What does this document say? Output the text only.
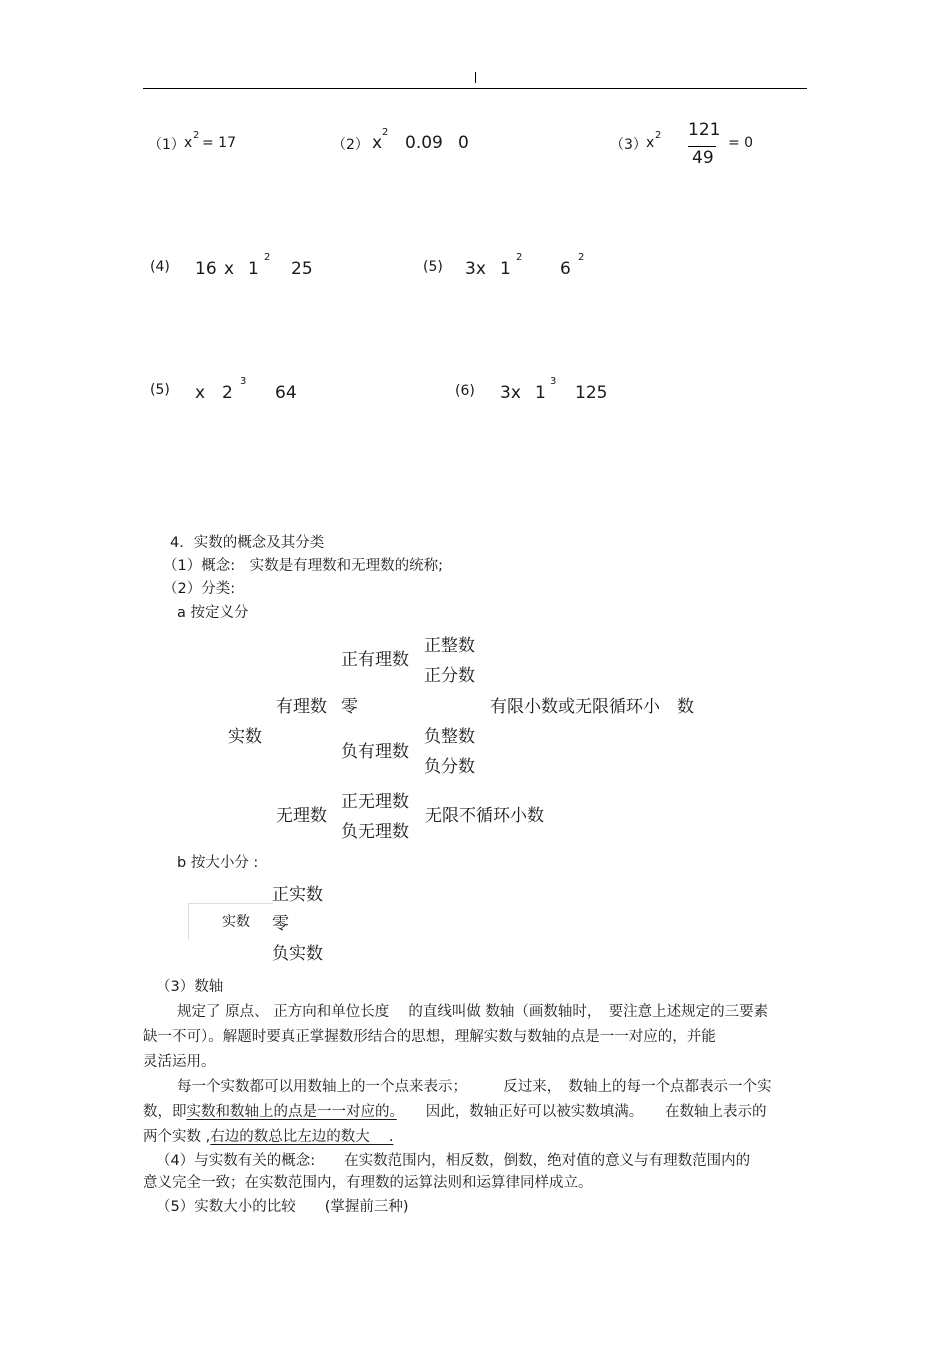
（1） x 2 = 17	（2） x
2
0.09 0	（3） x 2 121
49
= 0
(4) 16 x 1
2
25	(5) 3x 1
2
6
2
(5) x 2
3
64	(6) 3x 1
3
125
4．实数的概念及其分类
（1）概念:　实数是有理数和无理数的统称;
（2）分类:
a 按定义分
实数
有理数
无理数
正有理数
零
负有理数
正整数
正分数
负整数
负分数
有限小数或无限循环小 数
正无理数
负无理数
无限不循环小数
b 按大小分 :
实数
正实数
零
负实数
（3）数轴
规定了 原点、 正方向和单位长度　 的直线叫做 数轴（画数轴时，　要注意上述规定的三要素
缺一不可）。解题时要真正掌握数形结合的思想，理解实数与数轴的点是一一对应的，并能
灵活运用。
每一个实数都可以用数轴上的一个点来表示；　　　反过来，　数轴上的每一个点都表示一个实
数，即实数和数轴上的点是一一对应的。　　因此，数轴正好可以被实数填满。　　在数轴上表示的
两个实数 ,右边的数总比左边的数大　 .
（4）与实数有关的概念:　　在实数范围内，相反数，倒数，绝对值的意义与有理数范围内的
意义完全一致；在实数范围内，有理数的运算法则和运算律同样成立。
（5）实数大小的比较　　(掌握前三种)
